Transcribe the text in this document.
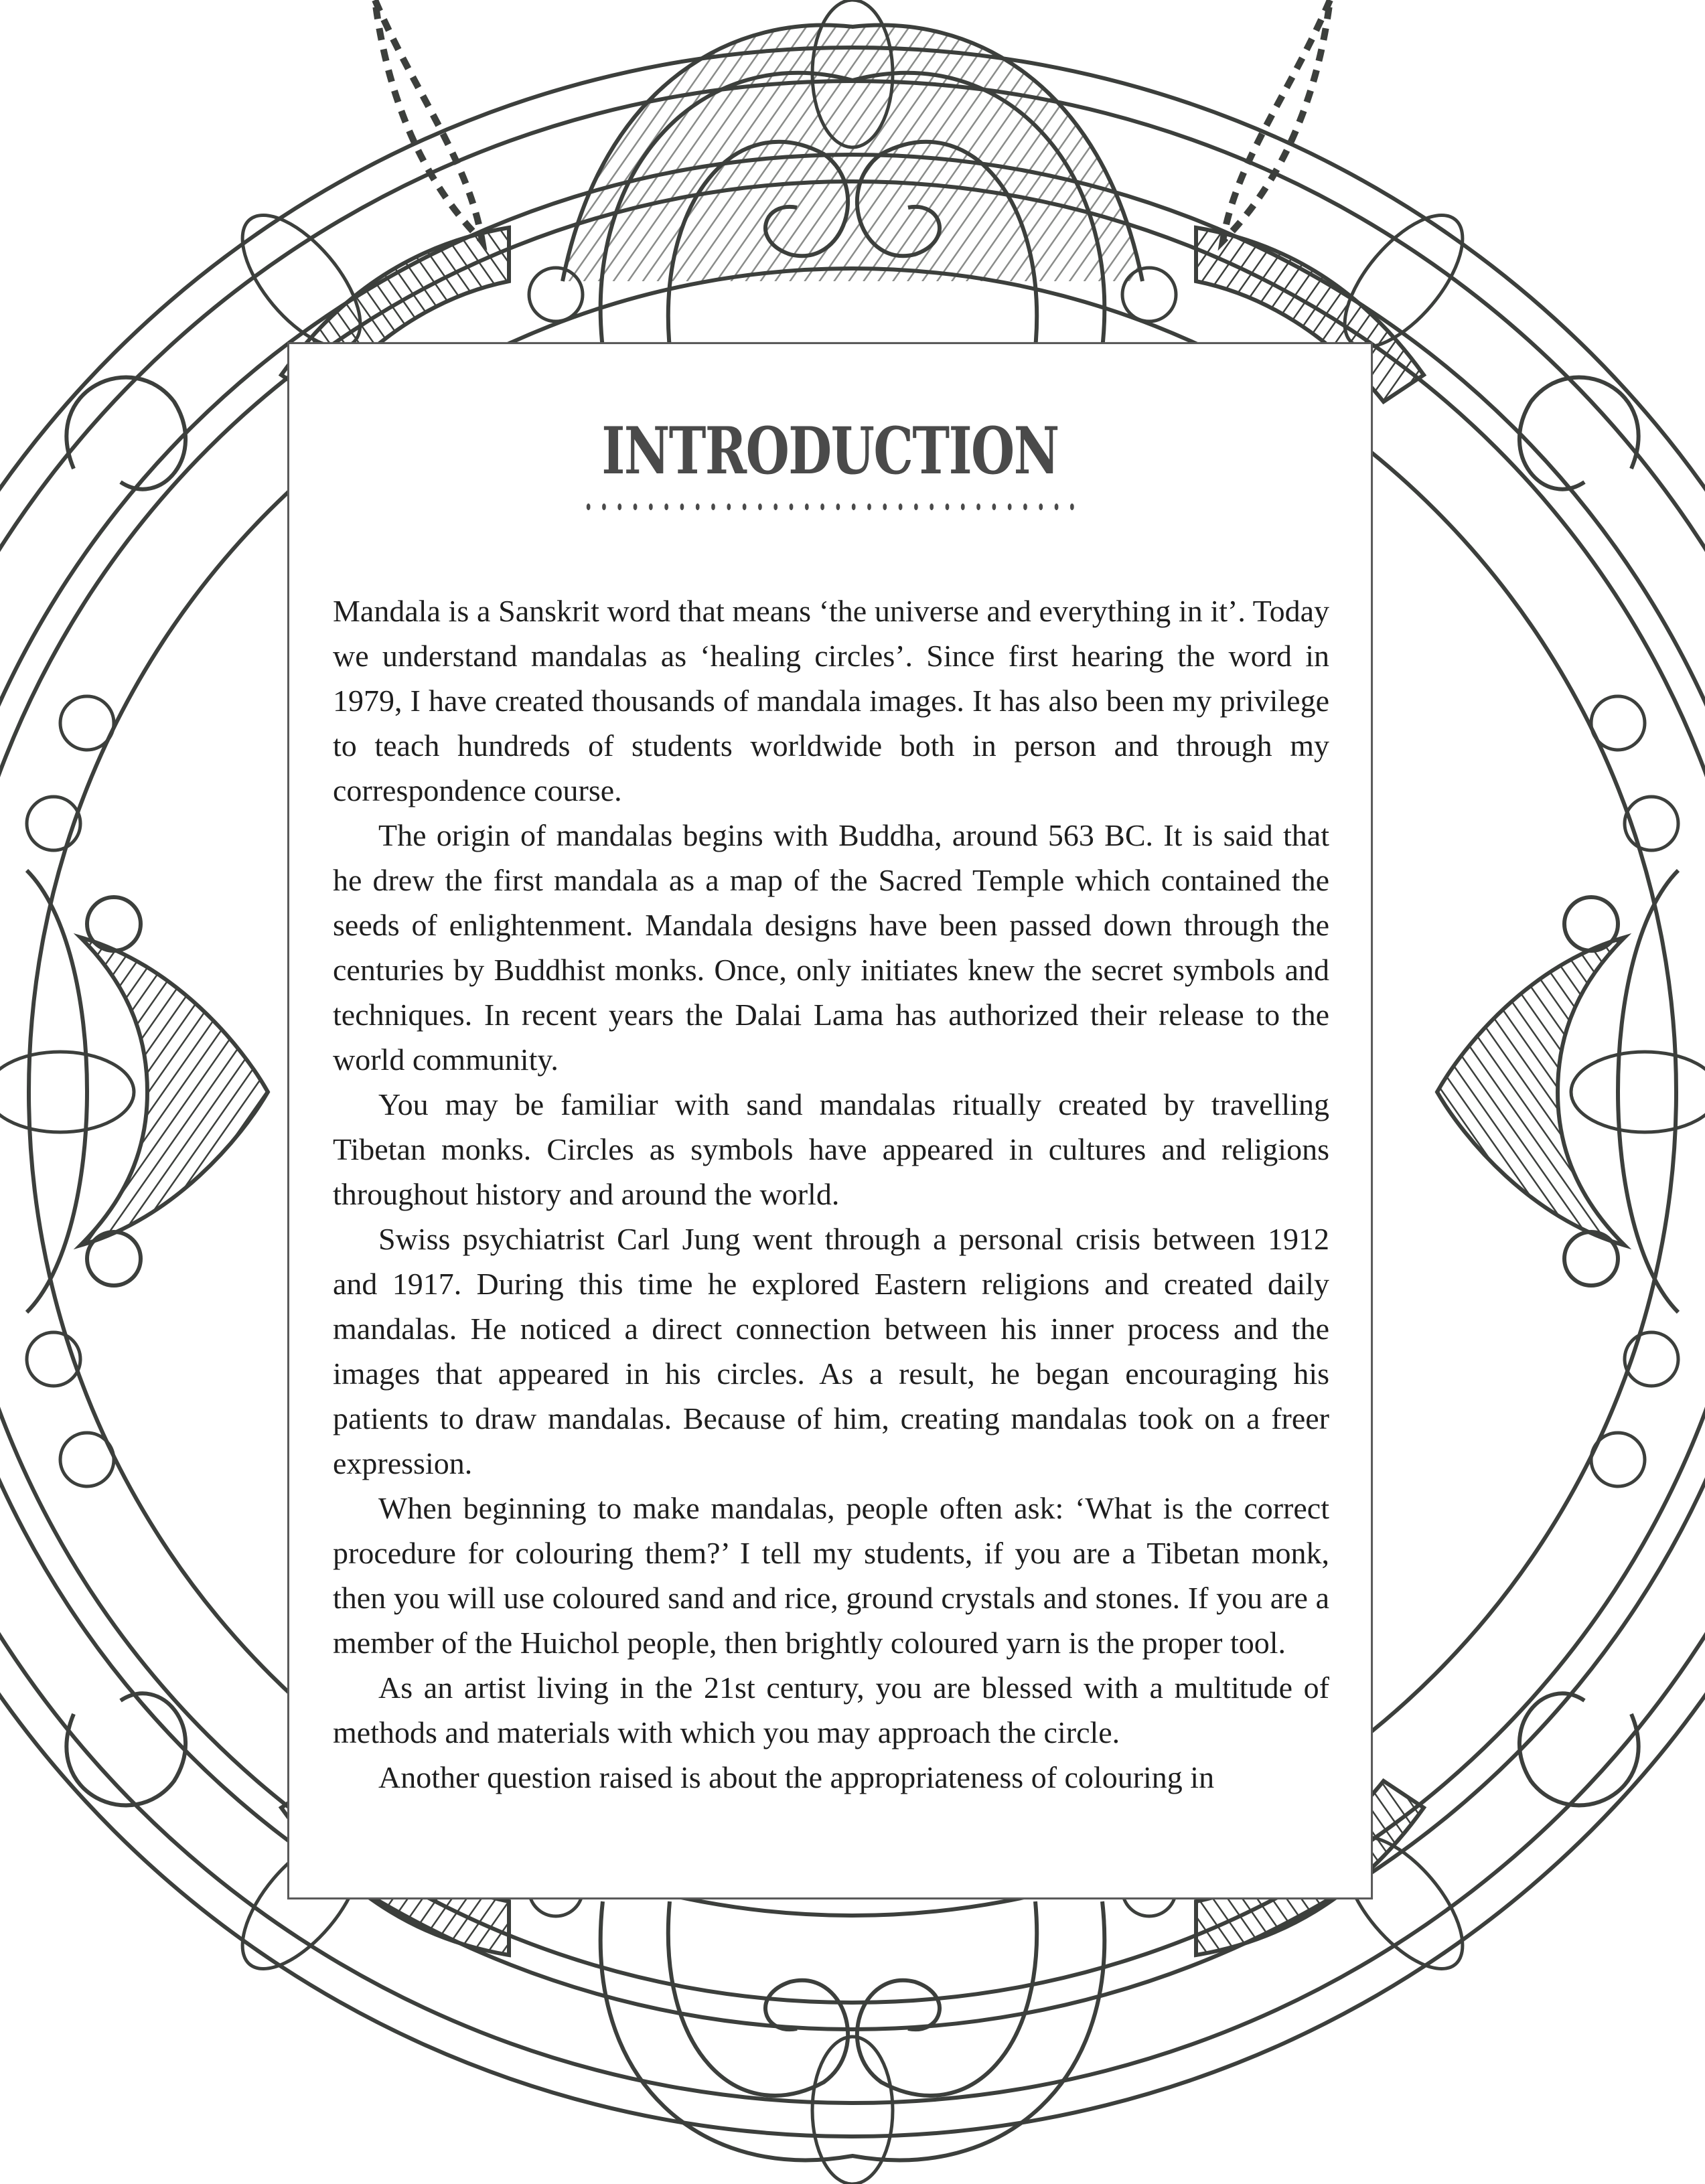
INTRODUCTION

Mandala is a Sanskrit word that means ‘the universe and everything in it’. Today we understand mandalas as ‘healing circles’. Since first hearing the word in 1979, I have created thousands of mandala images. It has also been my privilege to teach hundreds of students worldwide both in person and through my correspondence course.

The origin of mandalas begins with Buddha, around 563 BC. It is said that he drew the first mandala as a map of the Sacred Temple which contained the seeds of enlightenment. Mandala designs have been passed down through the centuries by Buddhist monks. Once, only initiates knew the secret symbols and techniques. In recent years the Dalai Lama has authorized their release to the world community.

You may be familiar with sand mandalas ritually created by travelling Tibetan monks. Circles as symbols have appeared in cultures and religions throughout history and around the world.

Swiss psychiatrist Carl Jung went through a personal crisis between 1912 and 1917. During this time he explored Eastern religions and created daily mandalas. He noticed a direct connection between his inner process and the images that appeared in his circles. As a result, he began encouraging his patients to draw mandalas. Because of him, creating mandalas took on a freer expression.

When beginning to make mandalas, people often ask: ‘What is the correct procedure for colouring them?’ I tell my students, if you are a Tibetan monk, then you will use coloured sand and rice, ground crystals and stones. If you are a member of the Huichol people, then brightly coloured yarn is the proper tool.

As an artist living in the 21st century, you are blessed with a multitude of methods and materials with which you may approach the circle.

Another question raised is about the appropriateness of colouring in
